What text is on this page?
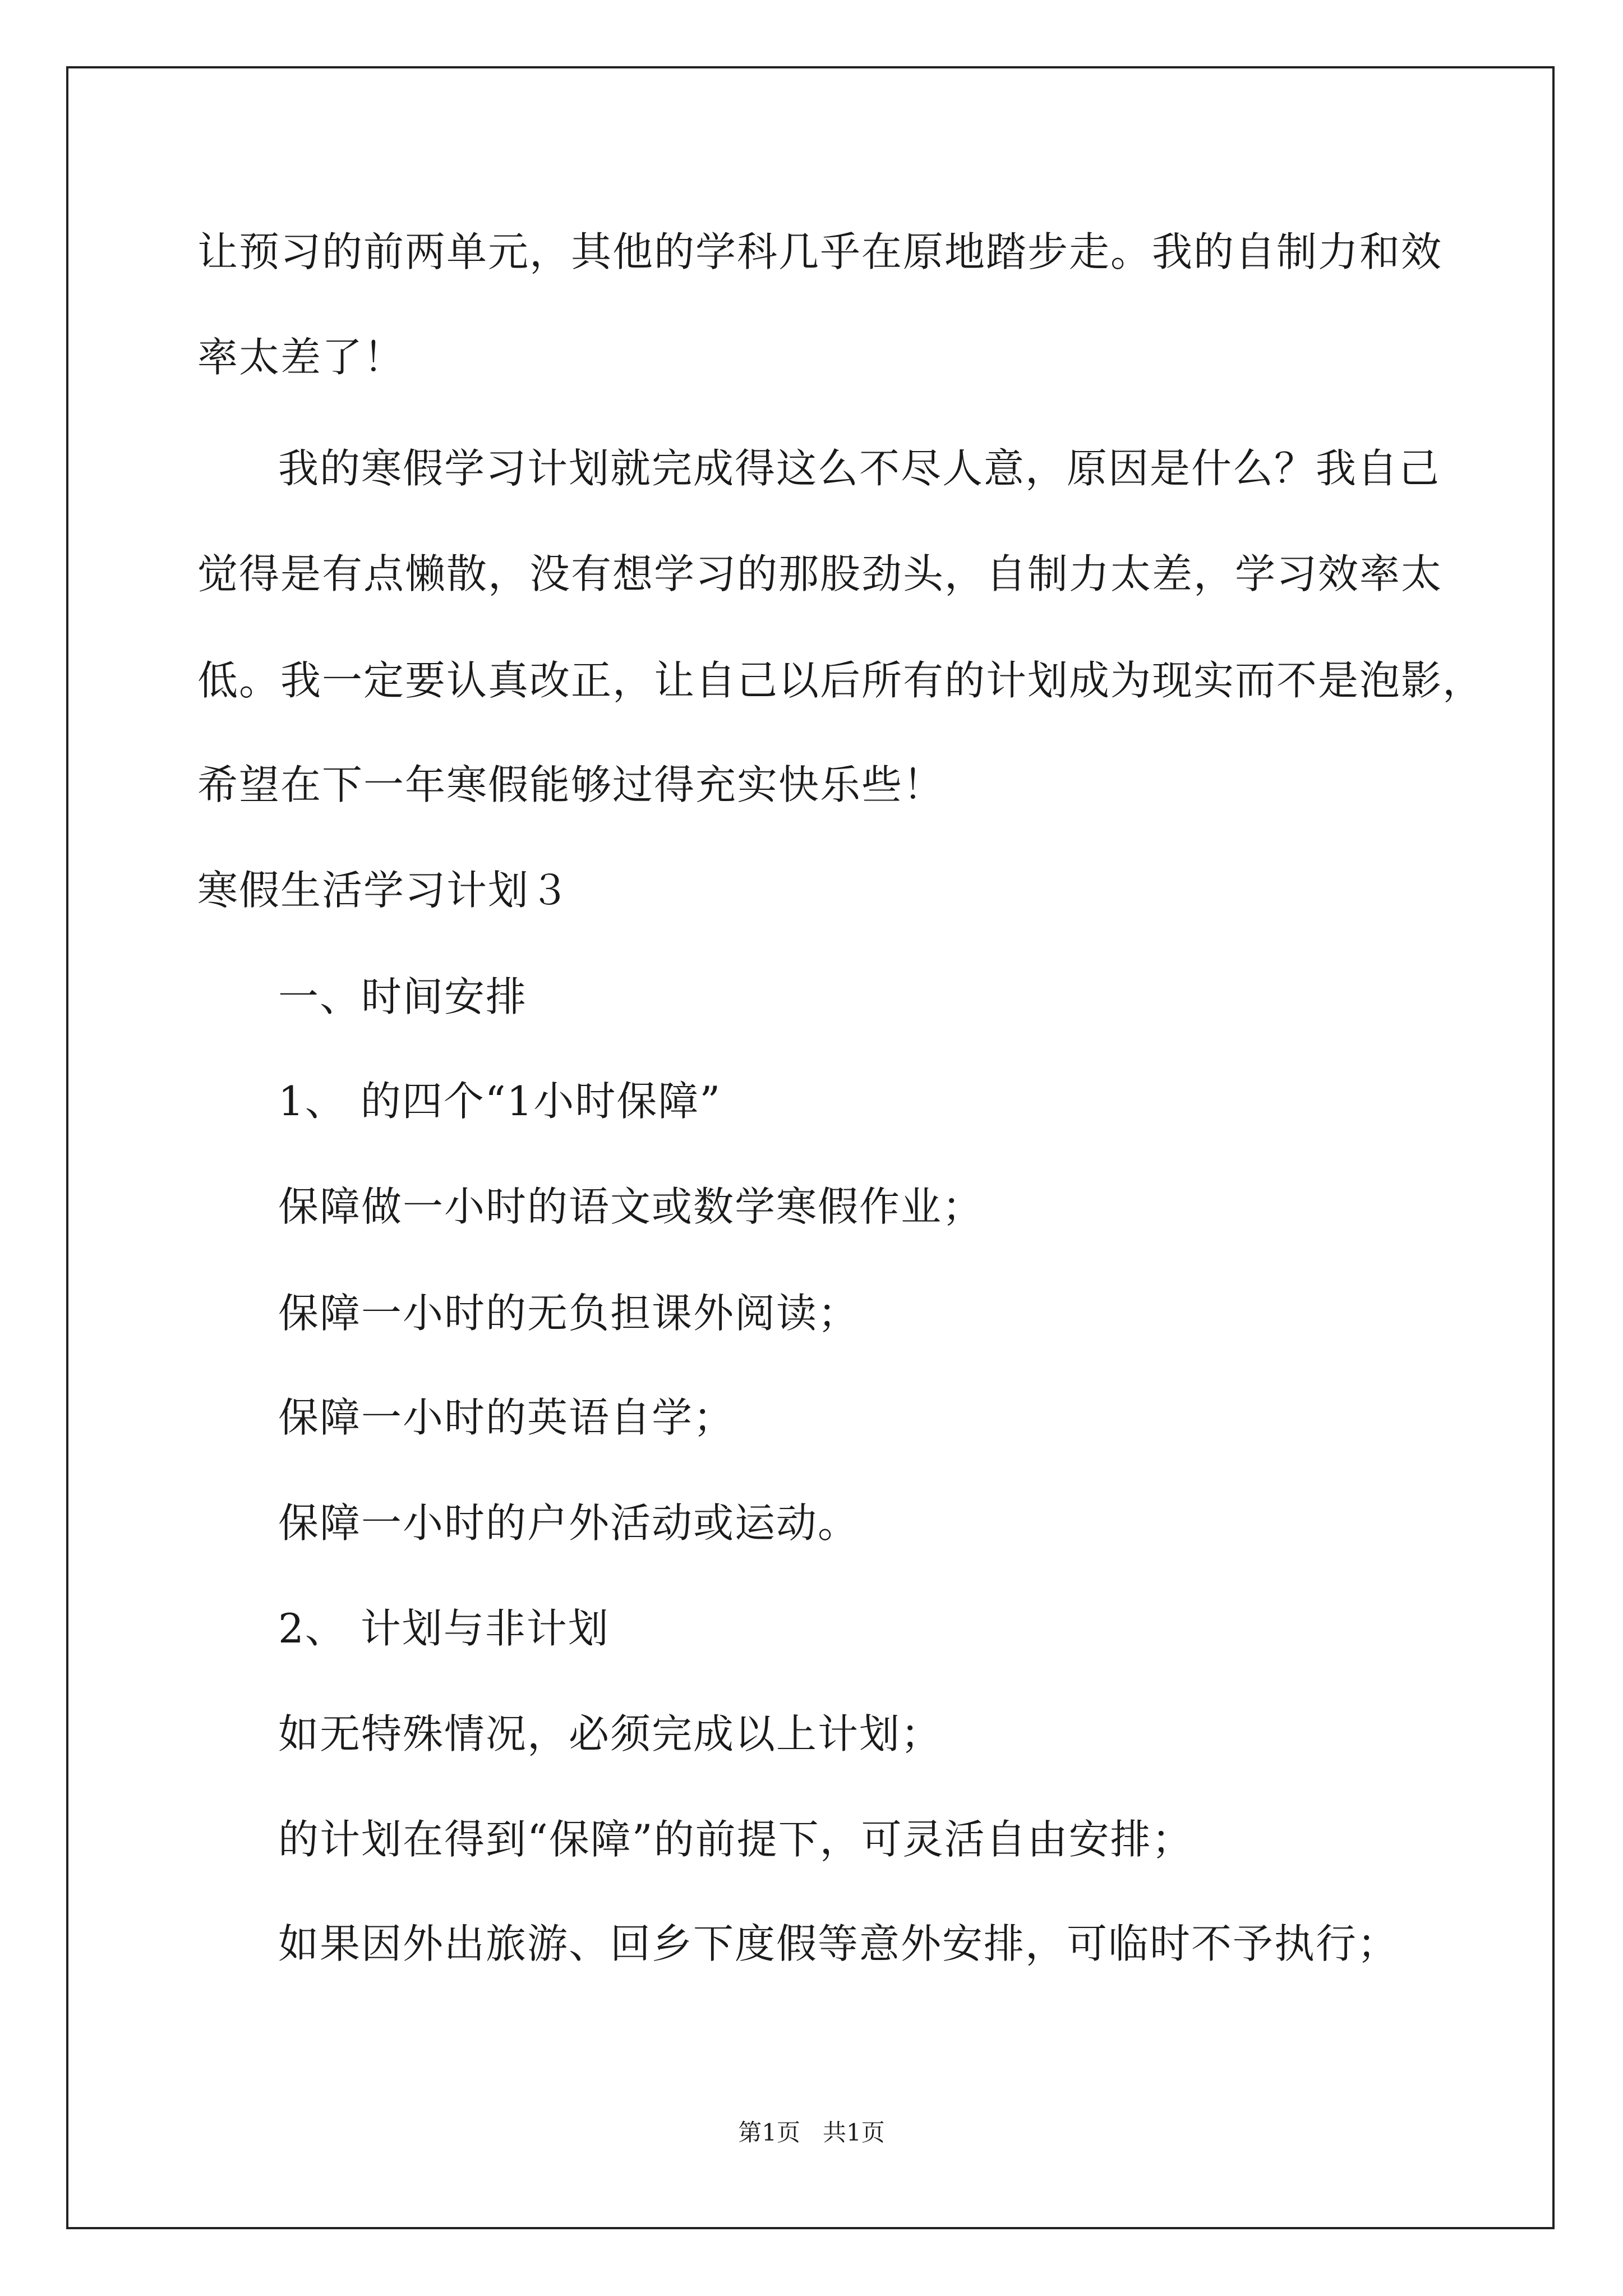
让预习的前两单元，其他的学科几乎在原地踏步走。我的自制力和效

率太差了！

我的寒假学习计划就完成得这么不尽人意，原因是什么？我自己

觉得是有点懒散，没有想学习的那股劲头，自制力太差，学习效率太

低。我一定要认真改正，让自己以后所有的计划成为现实而不是泡影，

希望在下一年寒假能够过得充实快乐些！

寒假生活学习计划３

一、时间安排

1、 的四个“1小时保障”

保障做一小时的语文或数学寒假作业；

保障一小时的无负担课外阅读；

保障一小时的英语自学；

保障一小时的户外活动或运动。

2、 计划与非计划

如无特殊情况，必须完成以上计划；

的计划在得到“保障”的前提下，可灵活自由安排；

如果因外出旅游、回乡下度假等意外安排，可临时不予执行；

第1页   共1页
